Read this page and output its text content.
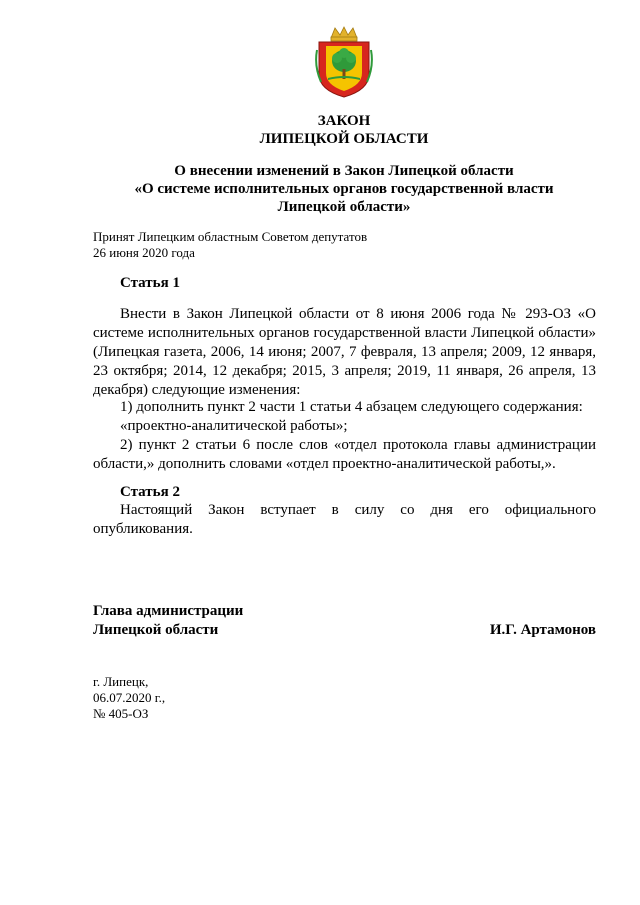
ЗАКОН
ЛИПЕЦКОЙ ОБЛАСТИ
О внесении изменений в Закон Липецкой области
«О системе исполнительных органов государственной власти
Липецкой области»
Принят Липецким областным Советом депутатов
26 июня 2020 года
Статья 1

Внести в Закон Липецкой области от 8 июня 2006 года № 293-ОЗ «О системе исполнительных органов государственной власти Липецкой области» (Липецкая газета, 2006, 14 июня; 2007, 7 февраля, 13 апреля; 2009, 12 января, 23 октября; 2014, 12 декабря; 2015, 3 апреля; 2019, 11 января, 26 апреля, 13 декабря) следующие изменения:

1) дополнить пункт 2 части 1 статьи 4 абзацем следующего содержания:

«проектно-аналитической работы»;

2) пункт 2 статьи 6 после слов «отдел протокола главы администрации области,» дополнить словами «отдел проектно-аналитической работы,».

Статья 2

Настоящий Закон вступает в силу со дня его официального опубликования.

Глава администрации
Липецкой области	И.Г. Артамонов
г. Липецк,
06.07.2020 г.,
№ 405-ОЗ
